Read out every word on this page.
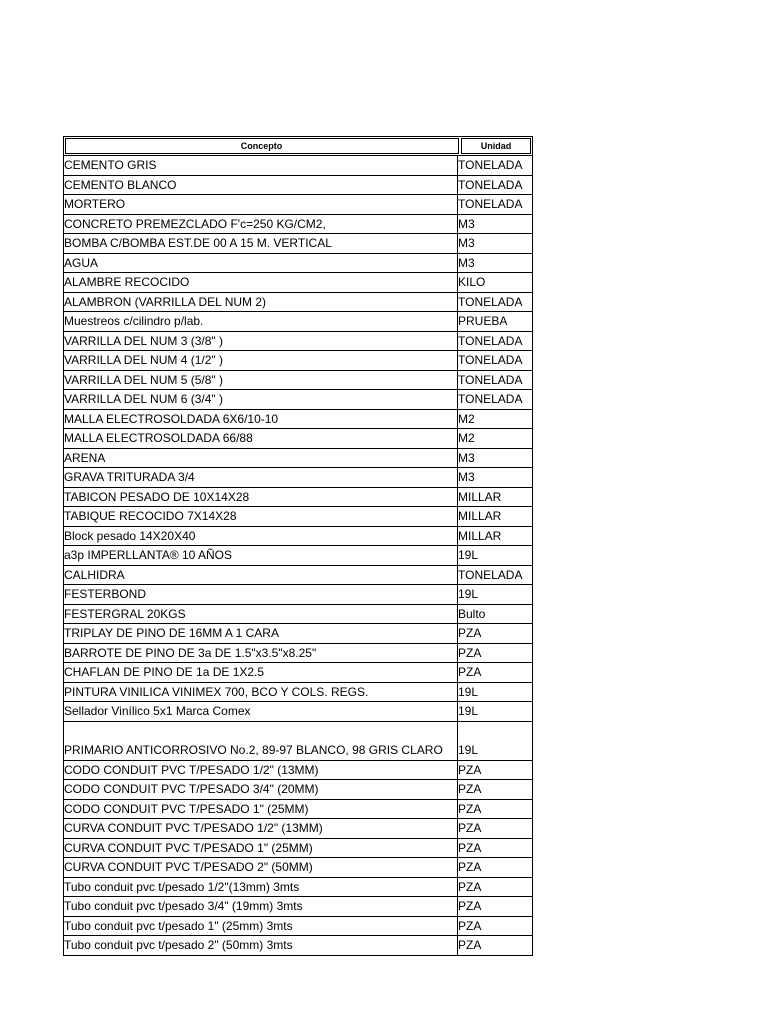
Concepto	Unidad
CEMENTO GRIS	TONELADA
CEMENTO BLANCO	TONELADA
MORTERO	TONELADA
CONCRETO PREMEZCLADO F'c=250 KG/CM2,	M3
BOMBA C/BOMBA EST.DE 00 A 15 M. VERTICAL	M3
AGUA	M3
ALAMBRE RECOCIDO	KILO
ALAMBRON (VARRILLA DEL NUM 2)	TONELADA
Muestreos c/cilindro p/lab.	PRUEBA
VARRILLA DEL NUM 3 (3/8" )	TONELADA
VARRILLA DEL NUM 4 (1/2" )	TONELADA
VARRILLA DEL NUM 5 (5/8" )	TONELADA
VARRILLA DEL NUM 6 (3/4" )	TONELADA
MALLA ELECTROSOLDADA 6X6/10-10	M2
MALLA ELECTROSOLDADA 66/88	M2
ARENA	M3
GRAVA TRITURADA 3/4	M3
TABICON PESADO DE 10X14X28	MILLAR
TABIQUE RECOCIDO 7X14X28	MILLAR
Block pesado 14X20X40	MILLAR
a3p IMPERLLANTA® 10 AÑOS	19L
CALHIDRA	TONELADA
FESTERBOND	19L
FESTERGRAL 20KGS	Bulto
TRIPLAY DE PINO DE 16MM A 1 CARA	PZA
BARROTE DE PINO DE 3a DE 1.5"x3.5"x8.25"	PZA
CHAFLAN DE PINO DE 1a DE 1X2.5	PZA
PINTURA VINILICA VINIMEX 700, BCO Y COLS. REGS.	19L
Sellador Vinílico 5x1 Marca Comex	19L
PRIMARIO ANTICORROSIVO No.2, 89-97 BLANCO, 98 GRIS CLARO	19L
CODO CONDUIT PVC T/PESADO 1/2" (13MM)	PZA
CODO CONDUIT PVC T/PESADO 3/4" (20MM)	PZA
CODO CONDUIT PVC T/PESADO 1" (25MM)	PZA
CURVA CONDUIT PVC T/PESADO 1/2" (13MM)	PZA
CURVA CONDUIT PVC T/PESADO 1" (25MM)	PZA
CURVA CONDUIT PVC T/PESADO 2" (50MM)	PZA
Tubo conduit pvc t/pesado 1/2"(13mm) 3mts	PZA
Tubo conduit pvc t/pesado 3/4" (19mm) 3mts	PZA
Tubo conduit pvc t/pesado 1" (25mm) 3mts	PZA
Tubo conduit pvc t/pesado 2" (50mm) 3mts	PZA
